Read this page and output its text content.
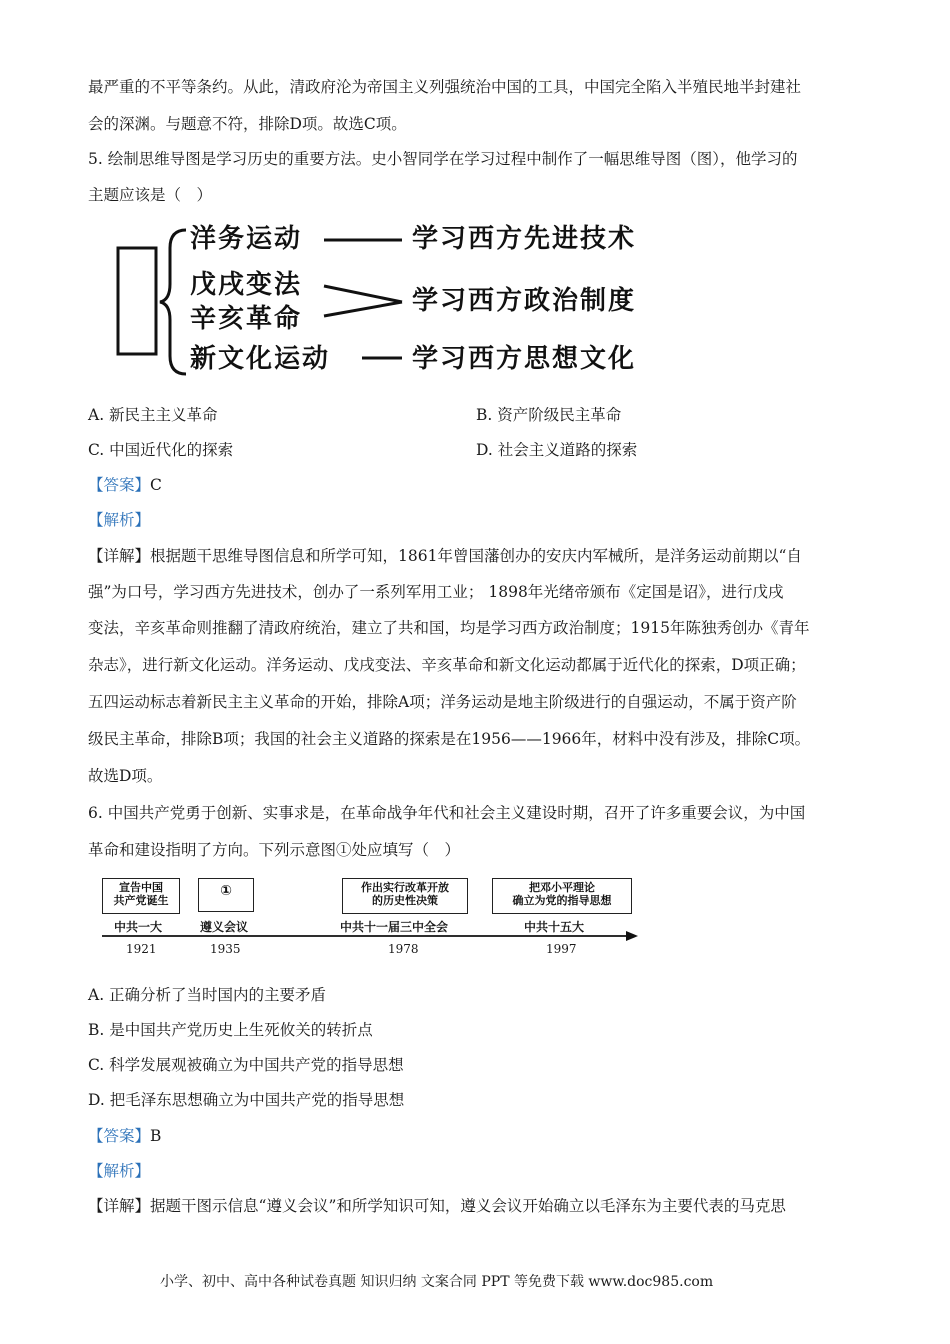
最严重的不平等条约。从此，清政府沦为帝国主义列强统治中国的工具，中国完全陷入半殖民地半封建社
会的深渊。与题意不符，排除D项。故选C项。
5. 绘制思维导图是学习历史的重要方法。史小智同学在学习过程中制作了一幅思维导图（图），他学习的
主题应该是（　）
洋务运动
戊戌变法
辛亥革命
新文化运动
学习西方先进技术
学习西方政治制度
学习西方思想文化
A. 新民主主义革命	B. 资产阶级民主革命
C. 中国近代化的探索	D. 社会主义道路的探索
【答案】C
【解析】
【详解】根据题干思维导图信息和所学可知，1861年曾国藩创办的安庆内军械所，是洋务运动前期以“自
强”为口号，学习西方先进技术，创办了一系列军用工业； 1898年光绪帝颁布《定国是诏》，进行戊戌
变法，辛亥革命则推翻了清政府统治，建立了共和国，均是学习西方政治制度；1915年陈独秀创办《青年
杂志》，进行新文化运动。洋务运动、戊戌变法、辛亥革命和新文化运动都属于近代化的探索，D项正确；
五四运动标志着新民主主义革命的开始，排除A项；洋务运动是地主阶级进行的自强运动，不属于资产阶
级民主革命，排除B项；我国的社会主义道路的探索是在1956——1966年，材料中没有涉及，排除C项。
故选D项。
6. 中国共产党勇于创新、实事求是，在革命战争年代和社会主义建设时期，召开了许多重要会议，为中国
革命和建设指明了方向。下列示意图①处应填写（　）
宣告中国
共产党诞生
①	作出实行改革开放
的历史性决策
把邓小平理论
确立为党的指导思想
中共一大	遵义会议	中共十一届三中全会	中共十五大
1921	1935	1978	1997
A. 正确分析了当时国内的主要矛盾
B. 是中国共产党历史上生死攸关的转折点
C. 科学发展观被确立为中国共产党的指导思想
D. 把毛泽东思想确立为中国共产党的指导思想
【答案】B
【解析】
【详解】据题干图示信息“遵义会议”和所学知识可知，遵义会议开始确立以毛泽东为主要代表的马克思
小学、初中、高中各种试卷真题 知识归纳 文案合同 PPT 等免费下载 www.doc985.com
